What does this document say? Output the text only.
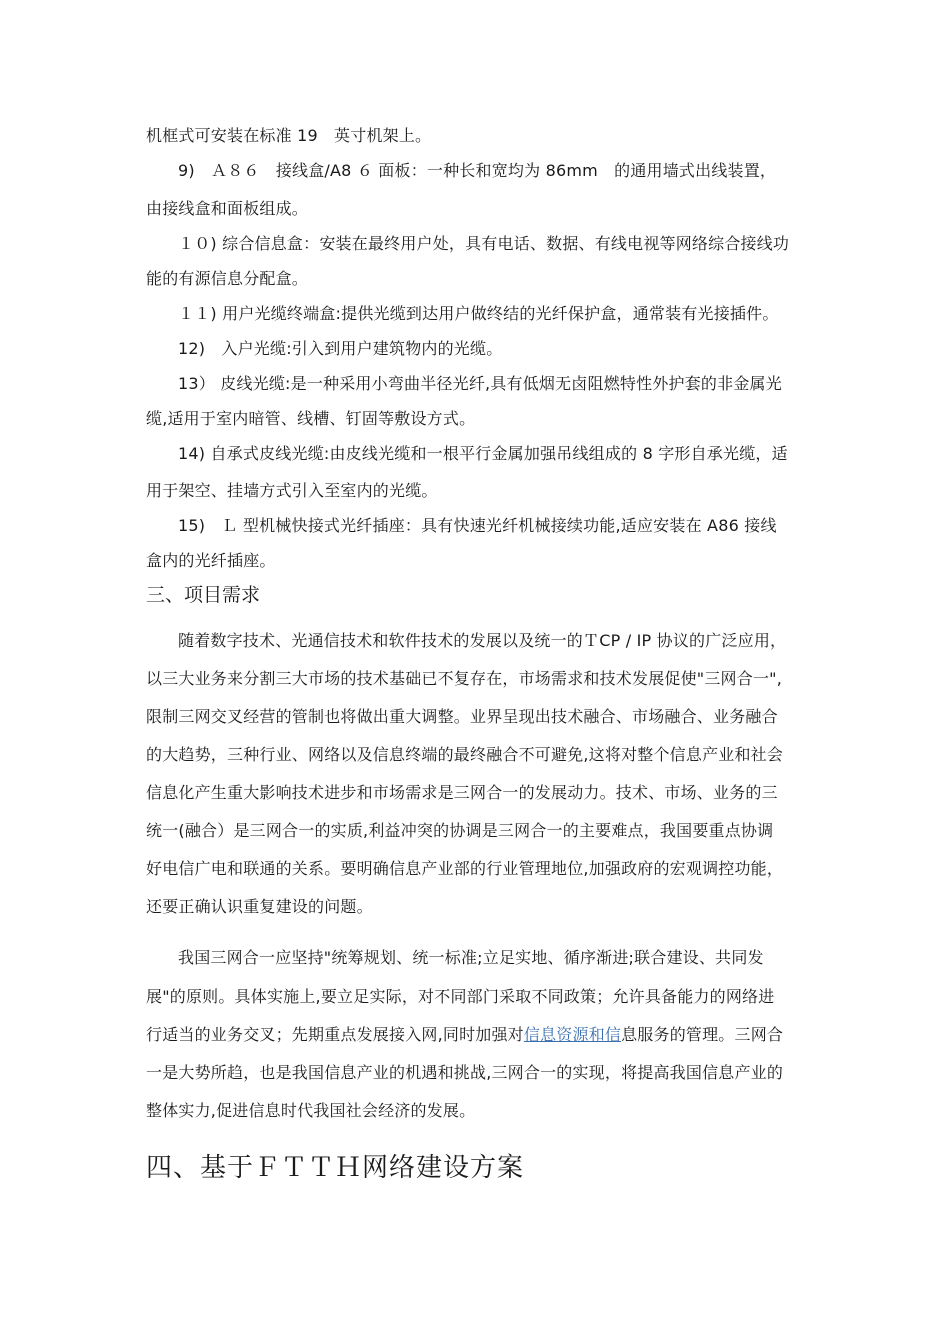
机框式可安装在标准 19　英寸机架上。
9)　Ａ８６　接线盒/A8 ６ 面板：一种长和宽均为 86mm　的通用墙式出线装置，
由接线盒和面板组成。
１０) 综合信息盒：安装在最终用户处，具有电话、数据、有线电视等网络综合接线功
能的有源信息分配盒。
１１) 用户光缆终端盒:提供光缆到达用户做终结的光纤保护盒，通常装有光接插件。
12)　入户光缆:引入到用户建筑物内的光缆。
13） 皮线光缆:是一种采用小弯曲半径光纤,具有低烟无卤阻燃特性外护套的非金属光
缆,适用于室内暗管、线槽、钉固等敷设方式。
14) 自承式皮线光缆:由皮线光缆和一根平行金属加强吊线组成的 8 字形自承光缆，适
用于架空、挂墙方式引入至室内的光缆。
15)　Ｌ 型机械快接式光纤插座：具有快速光纤机械接续功能,适应安装在 A86 接线
盒内的光纤插座。
三、项目需求
随着数字技术、光通信技术和软件技术的发展以及统一的ＴCP / IP 协议的广泛应用，
以三大业务来分割三大市场的技术基础已不复存在，市场需求和技术发展促使"三网合一",
限制三网交叉经营的管制也将做出重大调整。业界呈现出技术融合、市场融合、业务融合
的大趋势，三种行业、网络以及信息终端的最终融合不可避免,这将对整个信息产业和社会
信息化产生重大影响技术进步和市场需求是三网合一的发展动力。技术、市场、业务的三
统一(融合）是三网合一的实质,利益冲突的协调是三网合一的主要难点，我国要重点协调
好电信广电和联通的关系。要明确信息产业部的行业管理地位,加强政府的宏观调控功能，
还要正确认识重复建设的问题。
我国三网合一应坚持"统筹规划、统一标准;立足实地、循序渐进;联合建设、共同发
展"的原则。具体实施上,要立足实际，对不同部门采取不同政策；允许具备能力的网络进
行适当的业务交叉；先期重点发展接入网,同时加强对信息资源和信息服务的管理。三网合
一是大势所趋，也是我国信息产业的机遇和挑战,三网合一的实现，将提高我国信息产业的
整体实力,促进信息时代我国社会经济的发展。
四、基于ＦＴＴＨ网络建设方案
